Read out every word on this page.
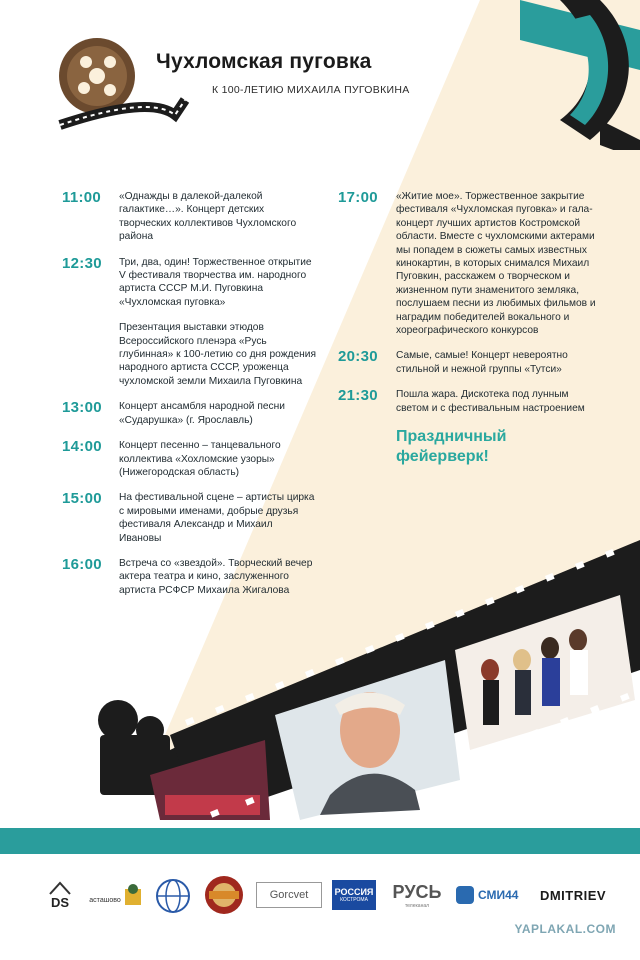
Чухломская пуговка
К 100-ЛЕТИЮ МИХАИЛА ПУГОВКИНА
11:00	«Однажды в далекой-далекой галактике…». Концерт детских творческих коллективов Чухломского района

12:30	Три, два, один! Торжественное открытие V фестиваля творчества им. народного артиста СССР М.И. Пуговкина «Чухломская пуговка»

Презентация выставки этюдов Всероссийского пленэра «Русь глубинная» к 100-летию со дня рождения народного артиста СССР, уроженца чухломской земли Михаила Пуговкина

13:00	Концерт ансамбля народной песни «Сударушка» (г. Ярославль)

14:00	Концерт песенно – танцевального коллектива «Хохломские узоры» (Нижегородская область)

15:00	На фестивальной сцене – артисты цирка с мировыми именами, добрые друзья фестиваля Александр и Михаил Ивановы

16:00	Встреча со «звездой». Творческий вечер актера театра и кино, заслуженного артиста РСФСР Михаила Жигалова

17:00	«Житие мое». Торжественное закрытие фестиваля «Чухломская пуговка» и гала-концерт лучших артистов Костромской области. Вместе с чухломскими актерами мы попадем в сюжеты самых известных кинокартин, в которых снимался Михаил Пуговкин, расскажем о творческом и жизненном пути знаменитого земляка, послушаем песни из любимых фильмов и наградим победителей вокального и хореографического конкурсов

20:30	Самые, самые! Концерт невероятно стильной и нежной группы «Тутси»

21:30	Пошла жара. Дискотека под лунным светом и с фестивальным настроением

Праздничный фейерверк!
DS	астaшово	Gorcvet	РОССИЯ
КОСТРОМА РУСЬ
телеканал
СМИ44 DMITRIEV
YAPLAKAL.COM
